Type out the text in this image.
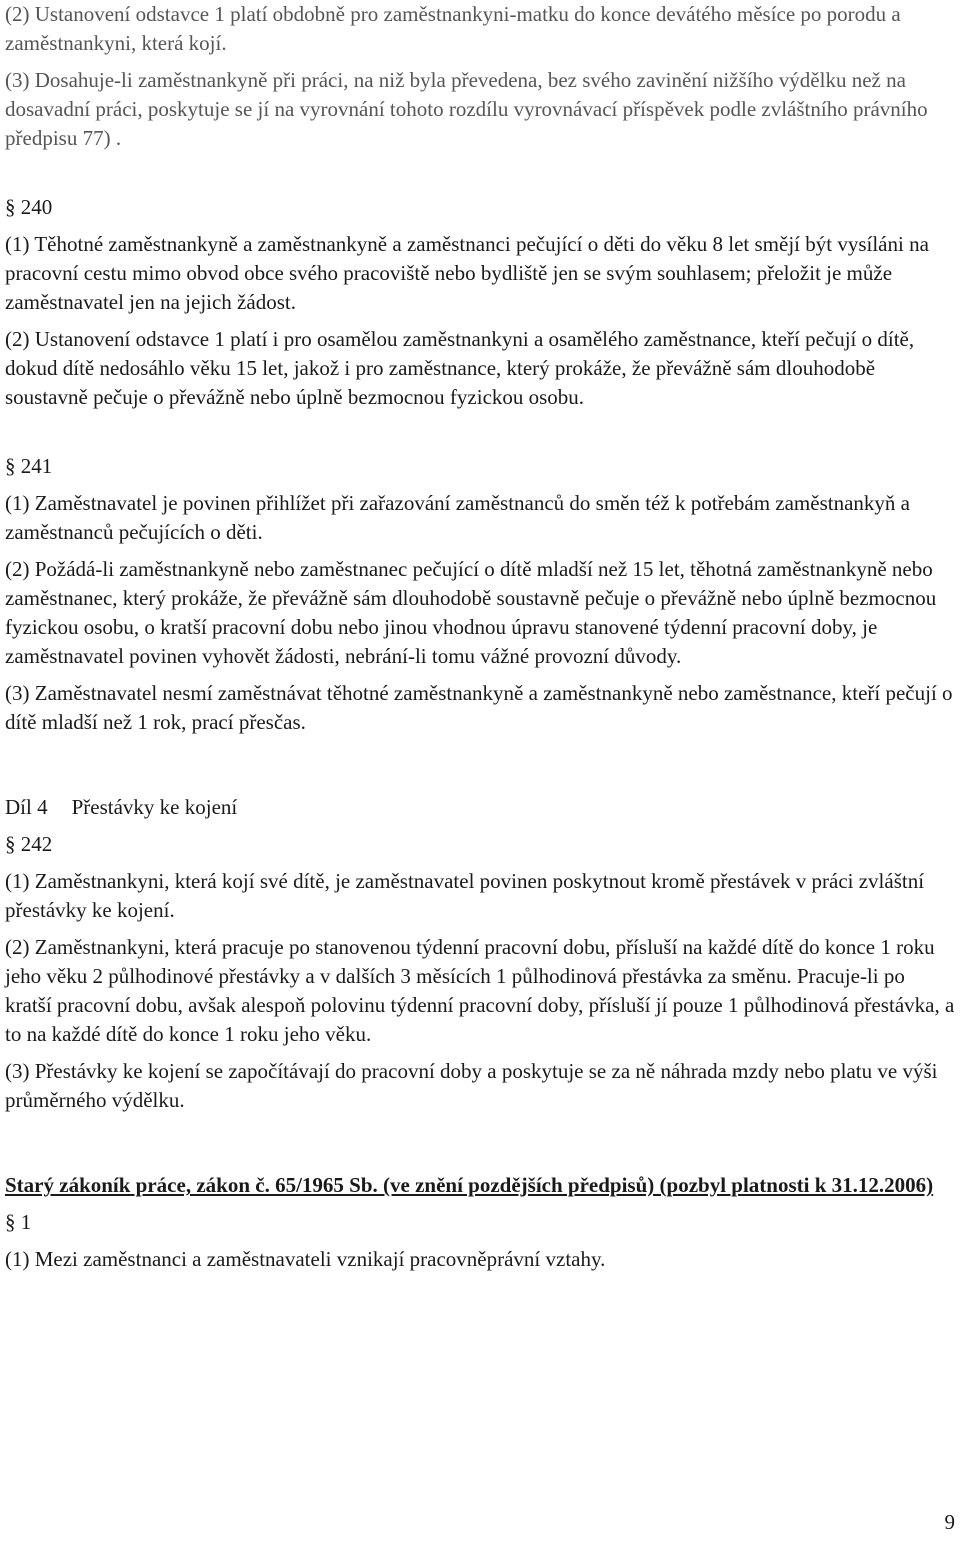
(2) Ustanovení odstavce 1 platí obdobně pro zaměstnankyni-matku do konce devátého měsíce po porodu a zaměstnankyni, která kojí.

(3) Dosahuje-li zaměstnankyně při práci, na niž byla převedena, bez svého zavinění nižšího výdělku než na dosavadní práci, poskytuje se jí na vyrovnání tohoto rozdílu vyrovnávací příspěvek podle zvláštního právního předpisu 77) .

§ 240

(1) Těhotné zaměstnankyně a zaměstnankyně a zaměstnanci pečující o děti do věku 8 let smějí být vysíláni na pracovní cestu mimo obvod obce svého pracoviště nebo bydliště jen se svým souhlasem; přeložit je může zaměstnavatel jen na jejich žádost.

(2) Ustanovení odstavce 1 platí i pro osamělou zaměstnankyni a osamělého zaměstnance, kteří pečují o dítě, dokud dítě nedosáhlo věku 15 let, jakož i pro zaměstnance, který prokáže, že převážně sám dlouhodobě soustavně pečuje o převážně nebo úplně bezmocnou fyzickou osobu.

§ 241

(1) Zaměstnavatel je povinen přihlížet při zařazování zaměstnanců do směn též k potřebám zaměstnankyň a zaměstnanců pečujících o děti.

(2) Požádá-li zaměstnankyně nebo zaměstnanec pečující o dítě mladší než 15 let, těhotná zaměstnankyně nebo zaměstnanec, který prokáže, že převážně sám dlouhodobě soustavně pečuje o převážně nebo úplně bezmocnou fyzickou osobu, o kratší pracovní dobu nebo jinou vhodnou úpravu stanovené týdenní pracovní doby, je zaměstnavatel povinen vyhovět žádosti, nebrání-li tomu vážné provozní důvody.

(3) Zaměstnavatel nesmí zaměstnávat těhotné zaměstnankyně a zaměstnankyně nebo zaměstnance, kteří pečují o dítě mladší než 1 rok, prací přesčas.

Díl 4 Přestávky ke kojení

§ 242

(1) Zaměstnankyni, která kojí své dítě, je zaměstnavatel povinen poskytnout kromě přestávek v práci zvláštní přestávky ke kojení.

(2) Zaměstnankyni, která pracuje po stanovenou týdenní pracovní dobu, přísluší na každé dítě do konce 1 roku jeho věku 2 půlhodinové přestávky a v dalších 3 měsících 1 půlhodinová přestávka za směnu. Pracuje-li po kratší pracovní dobu, avšak alespoň polovinu týdenní pracovní doby, přísluší jí pouze 1 půlhodinová přestávka, a to na každé dítě do konce 1 roku jeho věku.

(3) Přestávky ke kojení se započítávají do pracovní doby a poskytuje se za ně náhrada mzdy nebo platu ve výši průměrného výdělku.

Starý zákoník práce, zákon č. 65/1965 Sb. (ve znění pozdějších předpisů) (pozbyl platnosti k 31.12.2006)

§ 1

(1) Mezi zaměstnanci a zaměstnavateli vznikají pracovněprávní vztahy.

9
